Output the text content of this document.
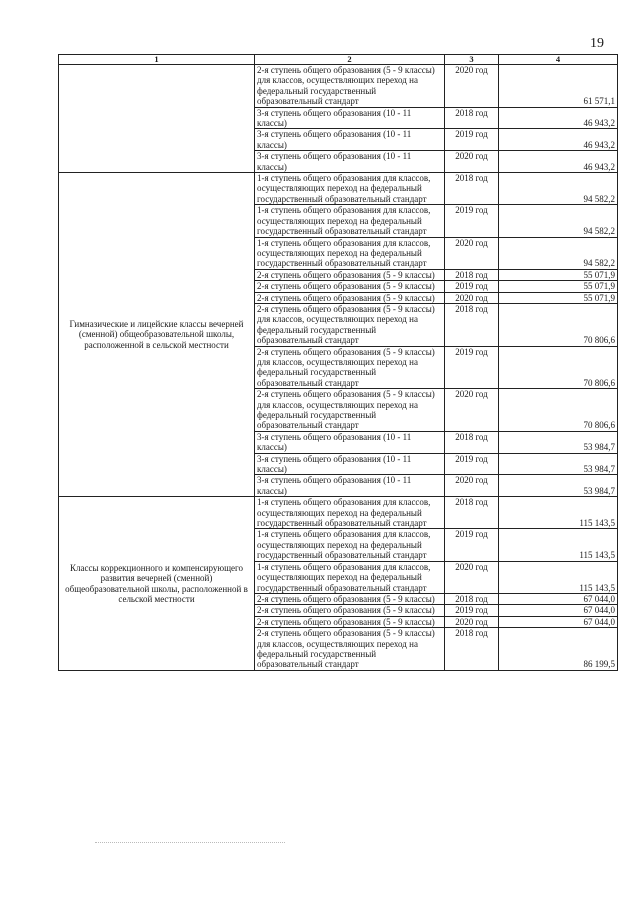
19
1	2	3	4
	2-я ступень общего образования (5 - 9 классы) для классов, осуществляющих переход на федеральный государственный образовательный стандарт	2020 год	61 571,1
	3-я ступень общего образования (10 - 11 классы)	2018 год	46 943,2
	3-я ступень общего образования (10 - 11 классы)	2019 год	46 943,2
	3-я ступень общего образования (10 - 11 классы)	2020 год	46 943,2
Гимназические и лицейские классы вечерней (сменной) общеобразовательной школы, расположенной в сельской местности	1-я ступень общего образования для классов, осуществляющих переход на федеральный государственный образовательный стандарт	2018 год	94 582,2
	1-я ступень общего образования для классов, осуществляющих переход на федеральный государственный образовательный стандарт	2019 год	94 582,2
	1-я ступень общего образования для классов, осуществляющих переход на федеральный государственный образовательный стандарт	2020 год	94 582,2
	2-я ступень общего образования (5 - 9 классы)	2018 год	55 071,9
	2-я ступень общего образования (5 - 9 классы)	2019 год	55 071,9
	2-я ступень общего образования (5 - 9 классы)	2020 год	55 071,9
	2-я ступень общего образования (5 - 9 классы) для классов, осуществляющих переход на федеральный государственный образовательный стандарт	2018 год	70 806,6
	2-я ступень общего образования (5 - 9 классы) для классов, осуществляющих переход на федеральный государственный образовательный стандарт	2019 год	70 806,6
	2-я ступень общего образования (5 - 9 классы) для классов, осуществляющих переход на федеральный государственный образовательный стандарт	2020 год	70 806,6
	3-я ступень общего образования (10 - 11 классы)	2018 год	53 984,7
	3-я ступень общего образования (10 - 11 классы)	2019 год	53 984,7
	3-я ступень общего образования (10 - 11 классы)	2020 год	53 984,7
Классы коррекционного и компенсирующего развития вечерней (сменной) общеобразовательной школы, расположенной в сельской местности	1-я ступень общего образования для классов, осуществляющих переход на федеральный государственный образовательный стандарт	2018 год	115 143,5
	1-я ступень общего образования для классов, осуществляющих переход на федеральный государственный образовательный стандарт	2019 год	115 143,5
	1-я ступень общего образования для классов, осуществляющих переход на федеральный государственный образовательный стандарт	2020 год	115 143,5
	2-я ступень общего образования (5 - 9 классы)	2018 год	67 044,0
	2-я ступень общего образования (5 - 9 классы)	2019 год	67 044,0
	2-я ступень общего образования (5 - 9 классы)	2020 год	67 044,0
	2-я ступень общего образования (5 - 9 классы) для классов, осуществляющих переход на федеральный государственный образовательный стандарт	2018 год	86 199,5
